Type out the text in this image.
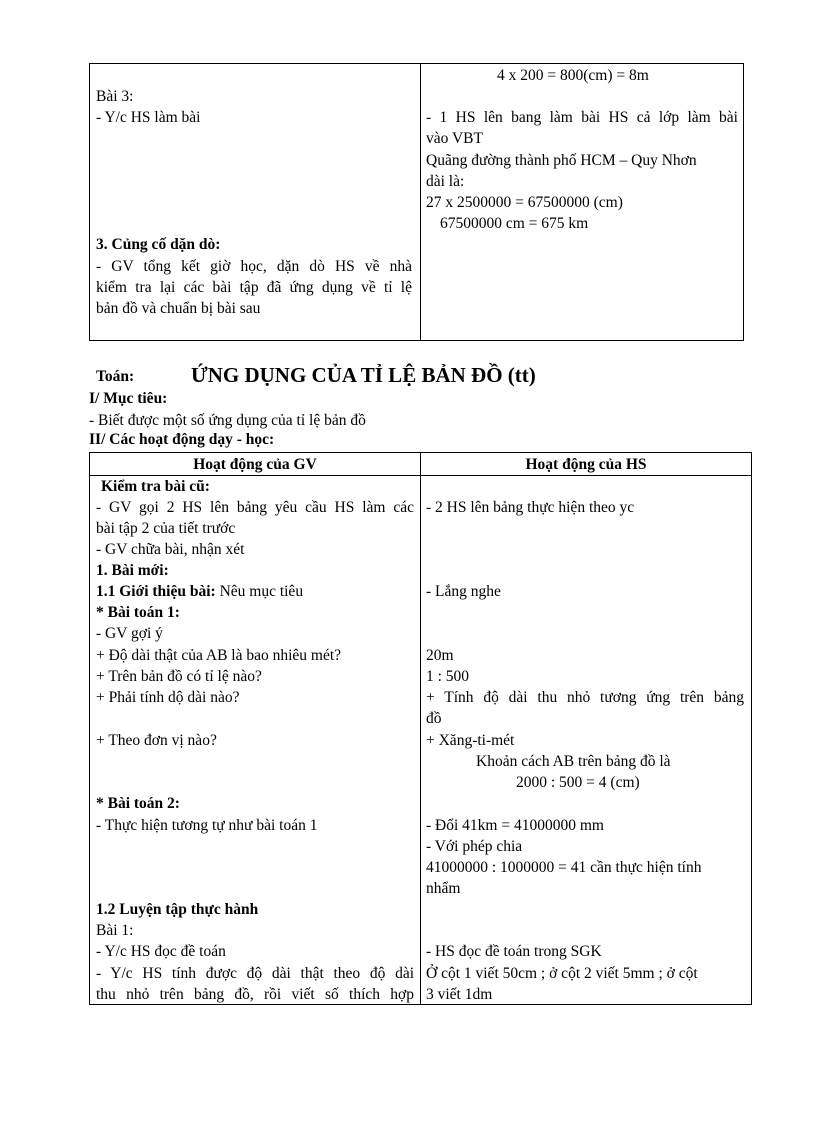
Bài 3:
- Y/c HS làm bài
3. Củng cố dặn dò:
- GV tổng kết giờ học, dặn dò HS về nhà
kiểm tra lại các bài tập đã ứng dụng về tỉ lệ
bản đồ và chuẩn bị bài sau
4 x 200 = 800(cm) = 8m
- 1 HS lên bang làm bài HS cả lớp làm bài
vào VBT
Quãng đường thành phố HCM – Quy Nhơn
dài là:
27 x 2500000 = 67500000 (cm)
67500000 cm = 675 km
Toán:	ỨNG DỤNG CỦA TỈ LỆ BẢN ĐỒ (tt)
I/ Mục tiêu:
- Biết được một số ứng dụng của tỉ lệ bản đồ
II/ Các hoạt động dạy - học:
Hoạt động của GV	Hoạt động của HS
Kiểm tra bài cũ:
- GV gọi 2 HS lên bảng yêu cầu HS làm các
bài tập 2 của tiết trước
- GV chữa bài, nhận xét
1. Bài mới:
1.1 Giới thiệu bài: Nêu mục tiêu
* Bài toán 1:
- GV gợi ý
+ Độ dài thật của AB là bao nhiêu mét?
+ Trên bản đồ có tỉ lệ nào?
+ Phải tính dộ dài nào?
+ Theo đơn vị nào?
* Bài toán 2:
- Thực hiện tương tự như bài toán 1
1.2 Luyện tập thực hành
Bài 1:
- Y/c HS đọc đề toán
- Y/c HS tính được độ dài thật theo độ dài
thu nhỏ trên bảng đồ, rồi viết số thích hợp
- 2 HS lên bảng thực hiện theo yc
- Lắng nghe
20m
1 : 500
+ Tính độ dài thu nhỏ tương ứng trên bảng
đồ
+ Xăng-ti-mét
Khoản cách AB trên bảng đồ là
2000 : 500 = 4 (cm)
- Đổi 41km = 41000000 mm
- Với phép chia
41000000 : 1000000 = 41 cần thực hiện tính
nhẩm
- HS đọc đề toán trong SGK
Ở cột 1 viết 50cm ; ở cột 2 viết 5mm ; ở cột
3 viết 1dm
